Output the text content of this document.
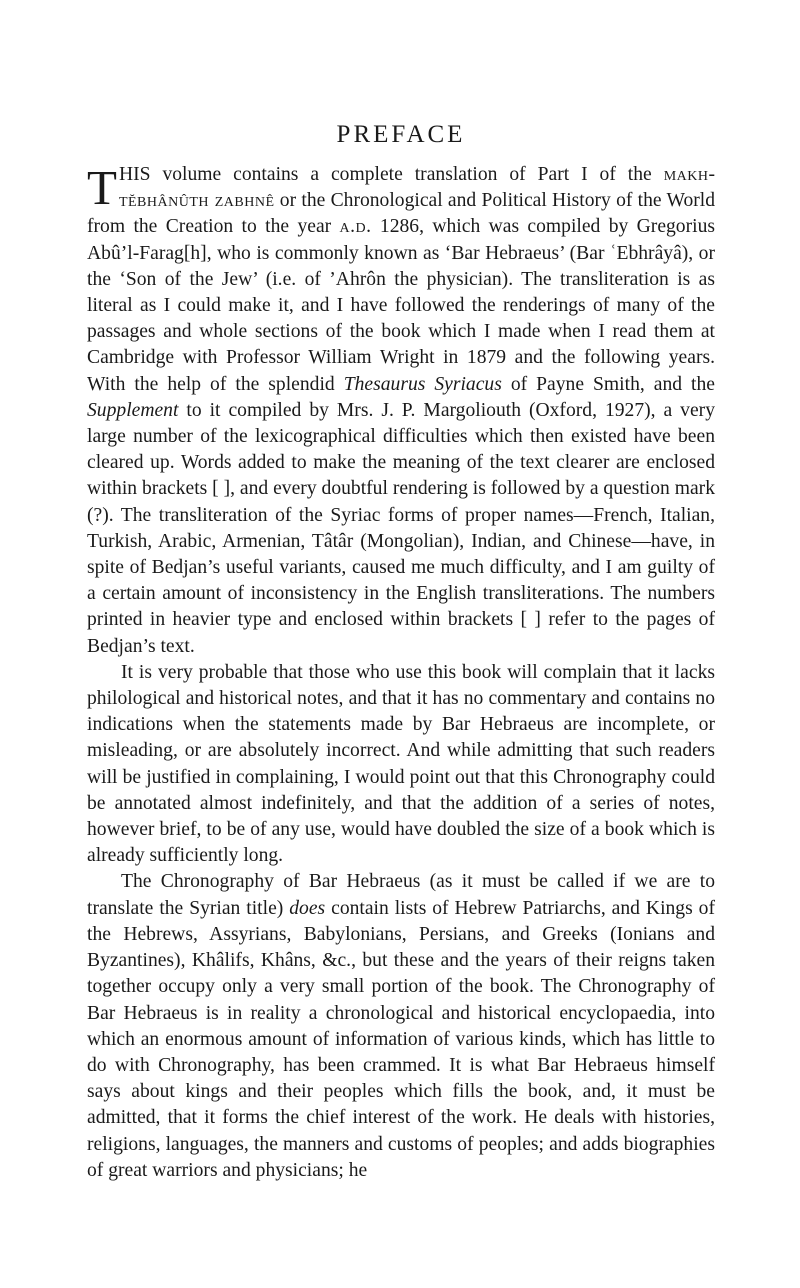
PREFACE

THIS volume contains a complete translation of Part I of the makhtĕbhânûth zabhnê or the Chronological and Political History of the World from the Creation to the year a.d. 1286, which was compiled by Gregorius Abû’l-Farag[h], who is commonly known as ‘Bar Hebraeus’ (Bar ʿEbhrâyâ), or the ‘Son of the Jew’ (i.e. of ’Ahrôn the physician). The transliteration is as literal as I could make it, and I have followed the renderings of many of the passages and whole sections of the book which I made when I read them at Cambridge with Professor William Wright in 1879 and the following years. With the help of the splendid Thesaurus Syriacus of Payne Smith, and the Supplement to it compiled by Mrs. J. P. Margoliouth (Oxford, 1927), a very large number of the lexicographical difficulties which then existed have been cleared up. Words added to make the meaning of the text clearer are enclosed within brackets [ ], and every doubtful rendering is followed by a question mark (?). The transliteration of the Syriac forms of proper names—French, Italian, Turkish, Arabic, Armenian, Tâtâr (Mongolian), Indian, and Chinese—have, in spite of Bedjan’s useful variants, caused me much difficulty, and I am guilty of a certain amount of inconsistency in the English transliterations. The numbers printed in heavier type and enclosed within brackets [ ] refer to the pages of Bedjan’s text.

It is very probable that those who use this book will complain that it lacks philological and historical notes, and that it has no commentary and contains no indications when the statements made by Bar Hebraeus are incomplete, or misleading, or are absolutely incorrect. And while admitting that such readers will be justified in complaining, I would point out that this Chronography could be annotated almost indefinitely, and that the addition of a series of notes, however brief, to be of any use, would have doubled the size of a book which is already sufficiently long.

The Chronography of Bar Hebraeus (as it must be called if we are to translate the Syrian title) does contain lists of Hebrew Patriarchs, and Kings of the Hebrews, Assyrians, Babylonians, Persians, and Greeks (Ionians and Byzantines), Khâlifs, Khâns, &c., but these and the years of their reigns taken together occupy only a very small portion of the book. The Chronography of Bar Hebraeus is in reality a chronological and historical encyclopaedia, into which an enormous amount of information of various kinds, which has little to do with Chronography, has been crammed. It is what Bar Hebraeus himself says about kings and their peoples which fills the book, and, it must be admitted, that it forms the chief interest of the work. He deals with histories, religions, languages, the manners and customs of peoples; and adds biographies of great warriors and physicians; he
